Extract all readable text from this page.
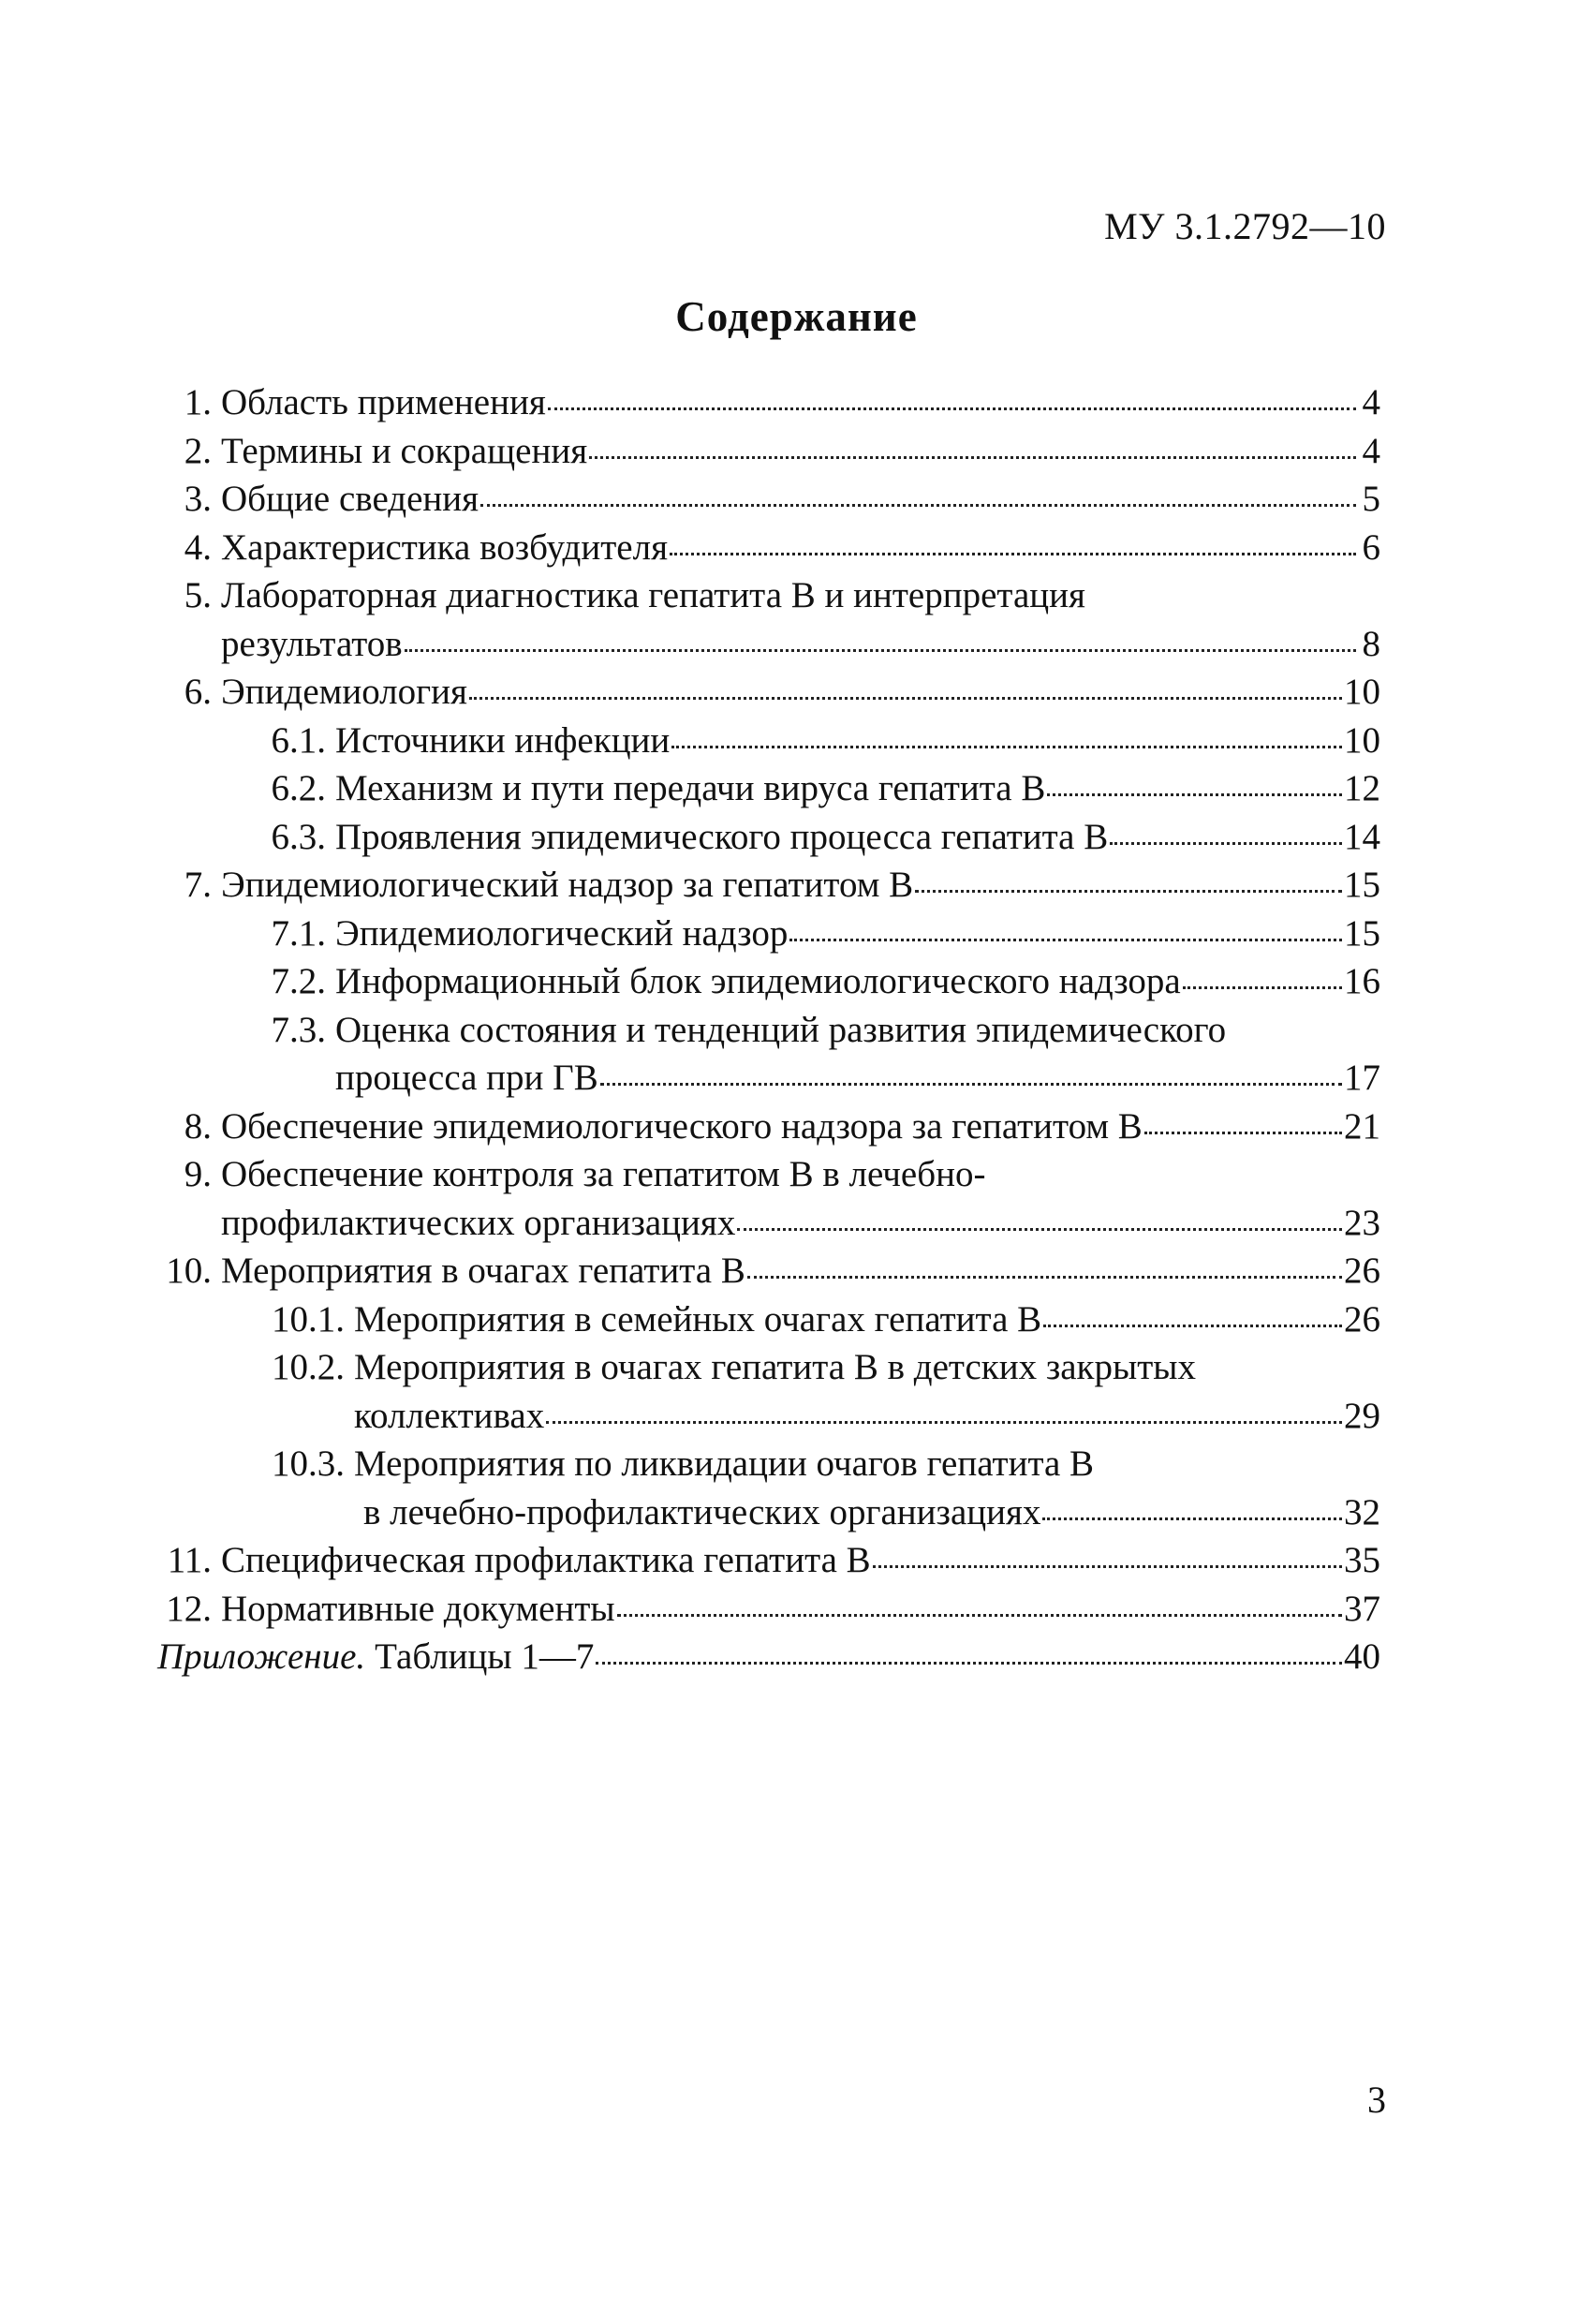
МУ 3.1.2792—10
Содержание
1. Область применения	4
2. Термины и сокращения	4
3. Общие сведения	5
4. Характеристика возбудителя	6
5. Лабораторная диагностика гепатита В и интерпретация
результатов	8
6. Эпидемиология	10
6.1. Источники инфекции	10
6.2. Механизм и пути передачи вируса гепатита В	12
6.3. Проявления эпидемического процесса гепатита В	14
7. Эпидемиологический надзор за гепатитом В	15
7.1. Эпидемиологический надзор	15
7.2. Информационный блок эпидемиологического надзора	16
7.3. Оценка состояния и тенденций развития эпидемического
процесса при ГВ	17
8. Обеспечение эпидемиологического надзора за гепатитом В	21
9. Обеспечение контроля за гепатитом В в лечебно-
профилактических организациях	23
10. Мероприятия в очагах гепатита В	26
10.1. Мероприятия в семейных очагах гепатита В	26
10.2. Мероприятия в очагах гепатита В в детских закрытых
коллективах	29
10.3. Мероприятия по ликвидации очагов гепатита В
в лечебно-профилактических организациях	32
11. Специфическая профилактика гепатита В	35
12. Нормативные документы	37
Приложение. Таблицы 1—7	40
3
